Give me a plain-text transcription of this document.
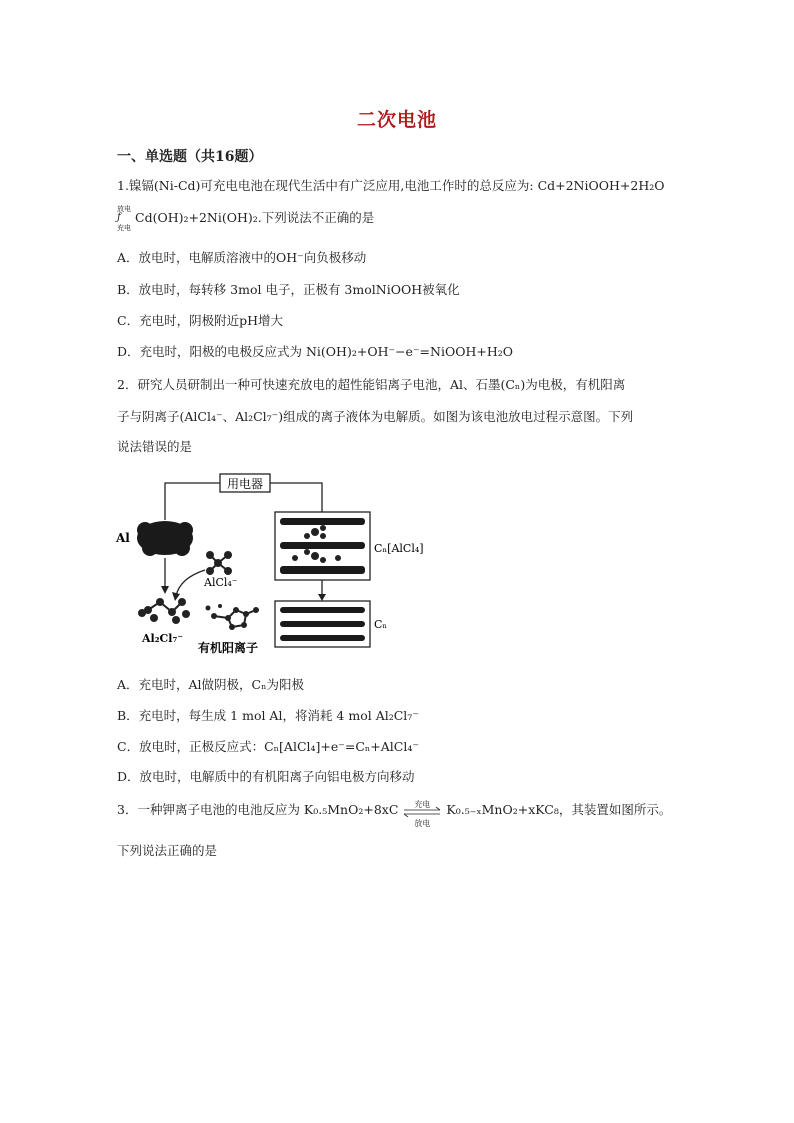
二次电池
一、单选题（共16题）
1.镍镉(Ni-Cd)可充电电池在现代生活中有广泛应用,电池工作时的总反应为: Cd+2NiOOH+2H₂O
放电
ƒ
充电
Cd(OH)₂+2Ni(OH)₂.下列说法不正确的是
A．放电时，电解质溶液中的OH⁻向负极移动
B．放电时，每转移 3mol 电子，正极有 3molNiOOH被氧化
C．充电时，阴极附近pH增大
D．充电时，阳极的电极反应式为 Ni(OH)₂+OH⁻−e⁻=NiOOH+H₂O
2．研究人员研制出一种可快速充放电的超性能铝离子电池，Al、石墨(Cₙ)为电极，有机阳离
子与阴离子(AlCl₄⁻、Al₂Cl₇⁻)组成的离子液体为电解质。如图为该电池放电过程示意图。下列
说法错误的是
用电器
Al
AlCl₄⁻
Al₂Cl₇⁻
有机阳离子
Cₙ[AlCl₄]
Cₙ
A．充电时，Al做阴极，Cₙ为阳极
B．充电时，每生成 1 mol Al，将消耗 4 mol Al₂Cl₇⁻
C．放电时，正极反应式：Cₙ[AlCl₄]+e⁻=Cₙ+AlCl₄⁻
D．放电时，电解质中的有机阳离子向铝电极方向移动
3．一种钾离子电池的电池反应为 K₀.₅MnO₂+8xC 充电
放电
K₀.₅₋ₓMnO₂+xKC₈，其装置如图所示。
下列说法正确的是
